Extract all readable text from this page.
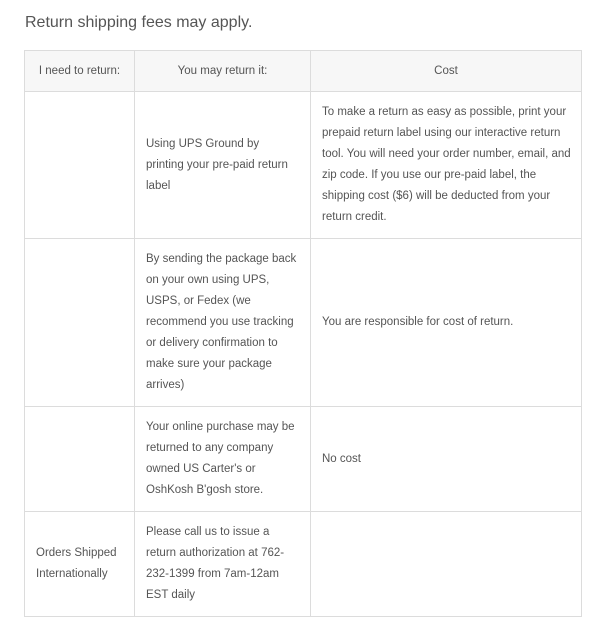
Return shipping fees may apply.
I need to return:	You may return it:	Cost
	Using UPS Ground by printing your pre-paid return label	To make a return as easy as possible, print your prepaid return label using our interactive return tool. You will need your order number, email, and zip code. If you use our pre-paid label, the shipping cost ($6) will be deducted from your return credit.
	By sending the package back on your own using UPS, USPS, or Fedex (we recommend you use tracking or delivery confirmation to make sure your package arrives)	You are responsible for cost of return.
	Your online purchase may be returned to any company owned US Carter's or OshKosh B'gosh store.	No cost
Orders Shipped Internationally	Please call us to issue a return authorization at 762-232-1399 from 7am-12am EST daily	
